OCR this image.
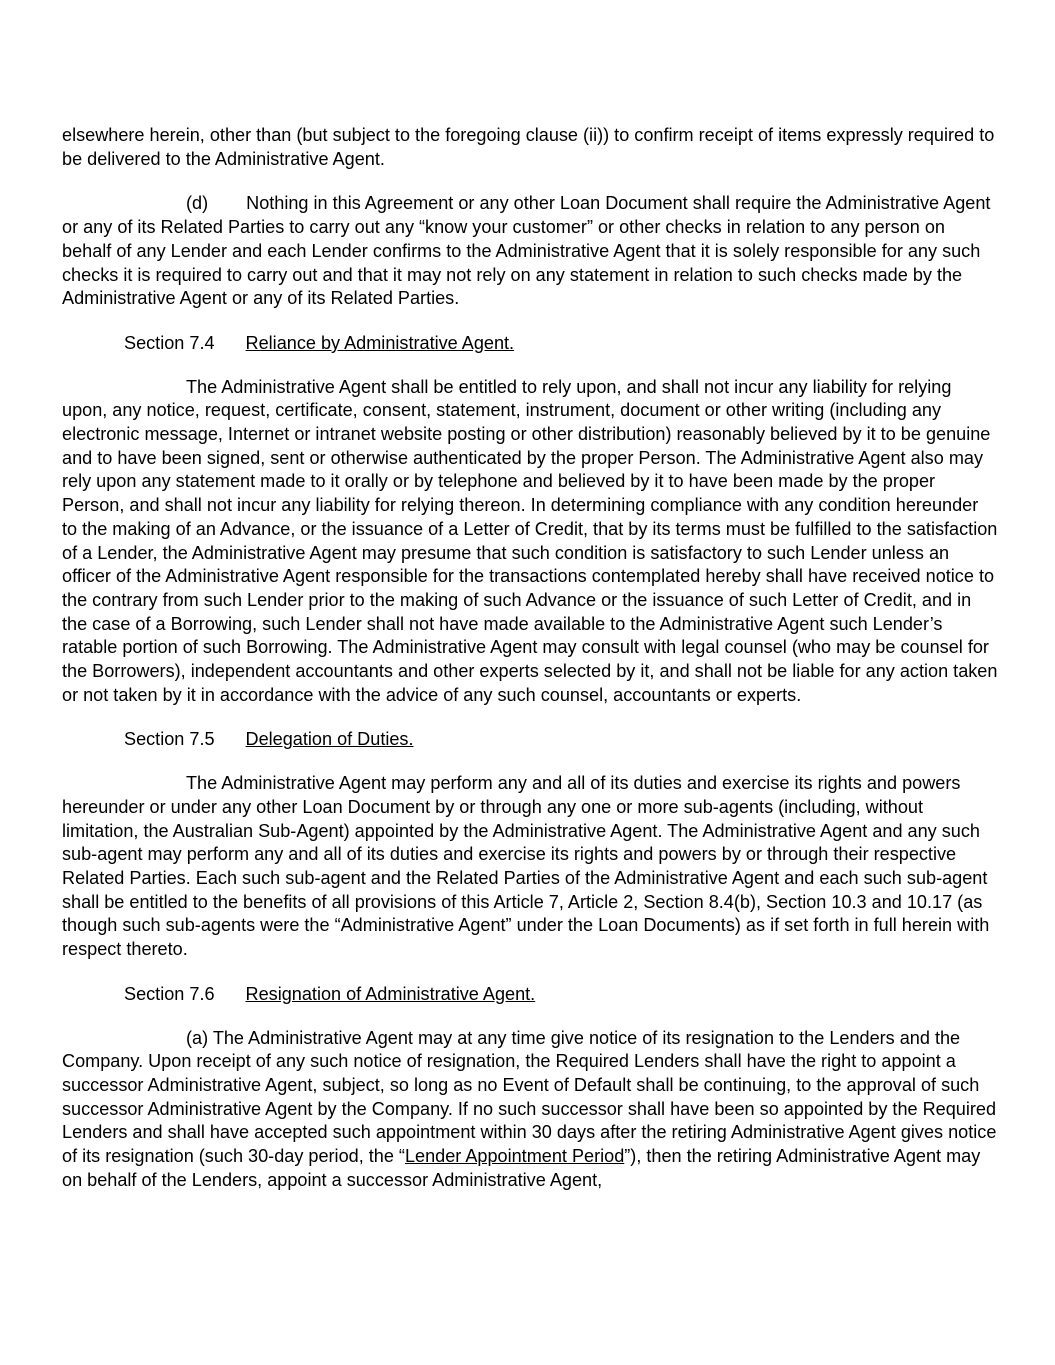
elsewhere herein, other than (but subject to the foregoing clause (ii)) to confirm receipt of items expressly required to be delivered to the Administrative Agent.

(d) Nothing in this Agreement or any other Loan Document shall require the Administrative Agent or any of its Related Parties to carry out any “know your customer” or other checks in relation to any person on behalf of any Lender and each Lender confirms to the Administrative Agent that it is solely responsible for any such checks it is required to carry out and that it may not rely on any statement in relation to such checks made by the Administrative Agent or any of its Related Parties.

Section 7.4 Reliance by Administrative Agent.

The Administrative Agent shall be entitled to rely upon, and shall not incur any liability for relying upon, any notice, request, certificate, consent, statement, instrument, document or other writing (including any electronic message, Internet or intranet website posting or other distribution) reasonably believed by it to be genuine and to have been signed, sent or otherwise authenticated by the proper Person. The Administrative Agent also may rely upon any statement made to it orally or by telephone and believed by it to have been made by the proper Person, and shall not incur any liability for relying thereon. In determining compliance with any condition hereunder to the making of an Advance, or the issuance of a Letter of Credit, that by its terms must be fulfilled to the satisfaction of a Lender, the Administrative Agent may presume that such condition is satisfactory to such Lender unless an officer of the Administrative Agent responsible for the transactions contemplated hereby shall have received notice to the contrary from such Lender prior to the making of such Advance or the issuance of such Letter of Credit, and in the case of a Borrowing, such Lender shall not have made available to the Administrative Agent such Lender’s ratable portion of such Borrowing. The Administrative Agent may consult with legal counsel (who may be counsel for the Borrowers), independent accountants and other experts selected by it, and shall not be liable for any action taken or not taken by it in accordance with the advice of any such counsel, accountants or experts.

Section 7.5 Delegation of Duties.

The Administrative Agent may perform any and all of its duties and exercise its rights and powers hereunder or under any other Loan Document by or through any one or more sub-agents (including, without limitation, the Australian Sub-Agent) appointed by the Administrative Agent. The Administrative Agent and any such sub-agent may perform any and all of its duties and exercise its rights and powers by or through their respective Related Parties. Each such sub-agent and the Related Parties of the Administrative Agent and each such sub-agent shall be entitled to the benefits of all provisions of this Article 7, Article 2, Section 8.4(b), Section 10.3 and 10.17 (as though such sub-agents were the “Administrative Agent” under the Loan Documents) as if set forth in full herein with respect thereto.

Section 7.6 Resignation of Administrative Agent.

(a) The Administrative Agent may at any time give notice of its resignation to the Lenders and the Company. Upon receipt of any such notice of resignation, the Required Lenders shall have the right to appoint a successor Administrative Agent, subject, so long as no Event of Default shall be continuing, to the approval of such successor Administrative Agent by the Company. If no such successor shall have been so appointed by the Required Lenders and shall have accepted such appointment within 30 days after the retiring Administrative Agent gives notice of its resignation (such 30-day period, the “Lender Appointment Period”), then the retiring Administrative Agent may on behalf of the Lenders, appoint a successor Administrative Agent,
